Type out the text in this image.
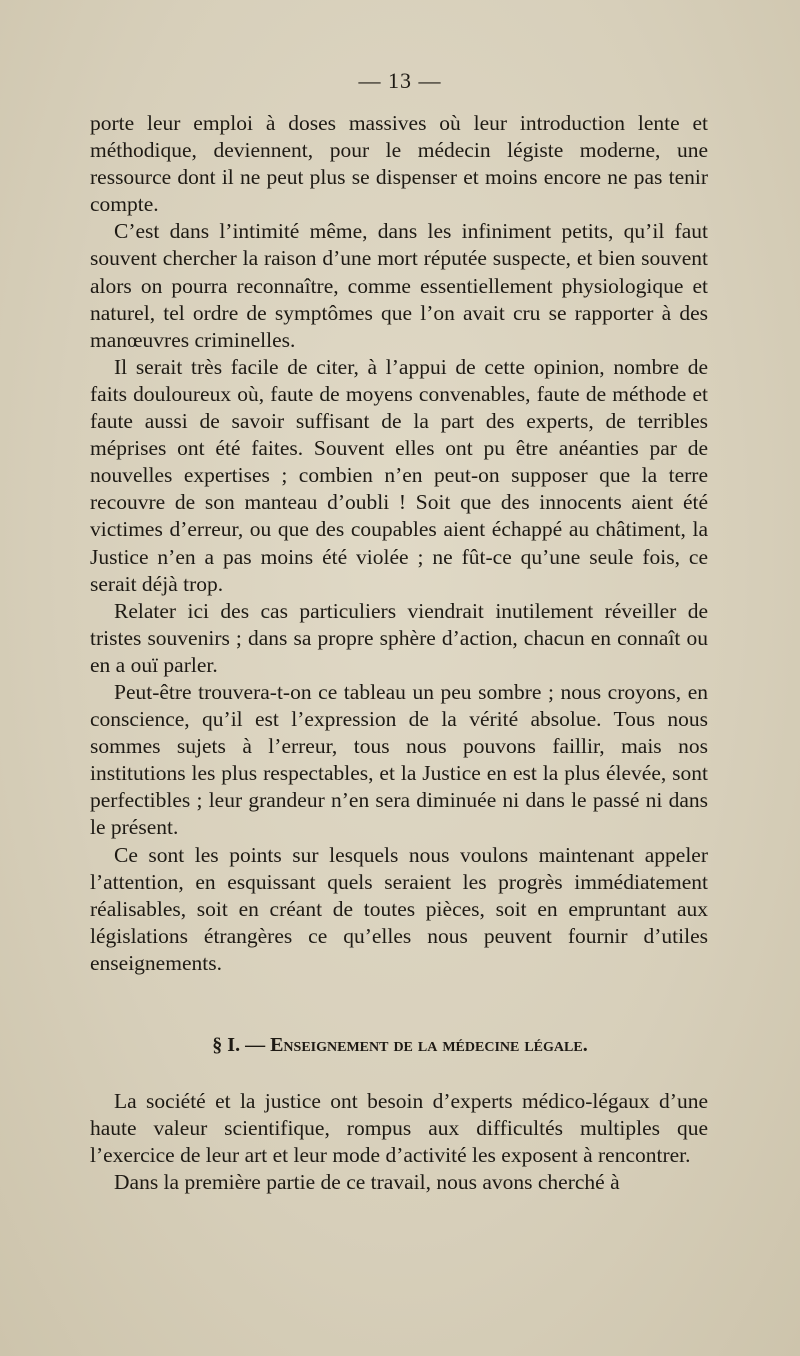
— 13 —

porte leur emploi à doses massives où leur introduction lente et méthodique, deviennent, pour le médecin légiste moderne, une ressource dont il ne peut plus se dispenser et moins encore ne pas tenir compte.

C’est dans l’intimité même, dans les infiniment petits, qu’il faut souvent chercher la raison d’une mort réputée suspecte, et bien souvent alors on pourra reconnaître, comme essentiellement physiologique et naturel, tel ordre de symptômes que l’on avait cru se rapporter à des manœuvres criminelles.

Il serait très facile de citer, à l’appui de cette opinion, nombre de faits douloureux où, faute de moyens convenables, faute de méthode et faute aussi de savoir suffisant de la part des experts, de terribles méprises ont été faites. Souvent elles ont pu être anéanties par de nouvelles expertises ; combien n’en peut-on supposer que la terre recouvre de son manteau d’oubli ! Soit que des innocents aient été victimes d’erreur, ou que des coupables aient échappé au châtiment, la Justice n’en a pas moins été violée ; ne fût-ce qu’une seule fois, ce serait déjà trop.

Relater ici des cas particuliers viendrait inutilement réveiller de tristes souvenirs ; dans sa propre sphère d’action, chacun en connaît ou en a ouï parler.

Peut-être trouvera-t-on ce tableau un peu sombre ; nous croyons, en conscience, qu’il est l’expression de la vérité absolue. Tous nous sommes sujets à l’erreur, tous nous pouvons faillir, mais nos institutions les plus respectables, et la Justice en est la plus élevée, sont perfectibles ; leur grandeur n’en sera diminuée ni dans le passé ni dans le présent.

Ce sont les points sur lesquels nous voulons maintenant appeler l’attention, en esquissant quels seraient les progrès immédiatement réalisables, soit en créant de toutes pièces, soit en empruntant aux législations étrangères ce qu’elles nous peuvent fournir d’utiles enseignements.

§ I. — Enseignement de la médecine légale.

La société et la justice ont besoin d’experts médico-légaux d’une haute valeur scientifique, rompus aux difficultés multiples que l’exercice de leur art et leur mode d’activité les exposent à rencontrer.

Dans la première partie de ce travail, nous avons cherché à
